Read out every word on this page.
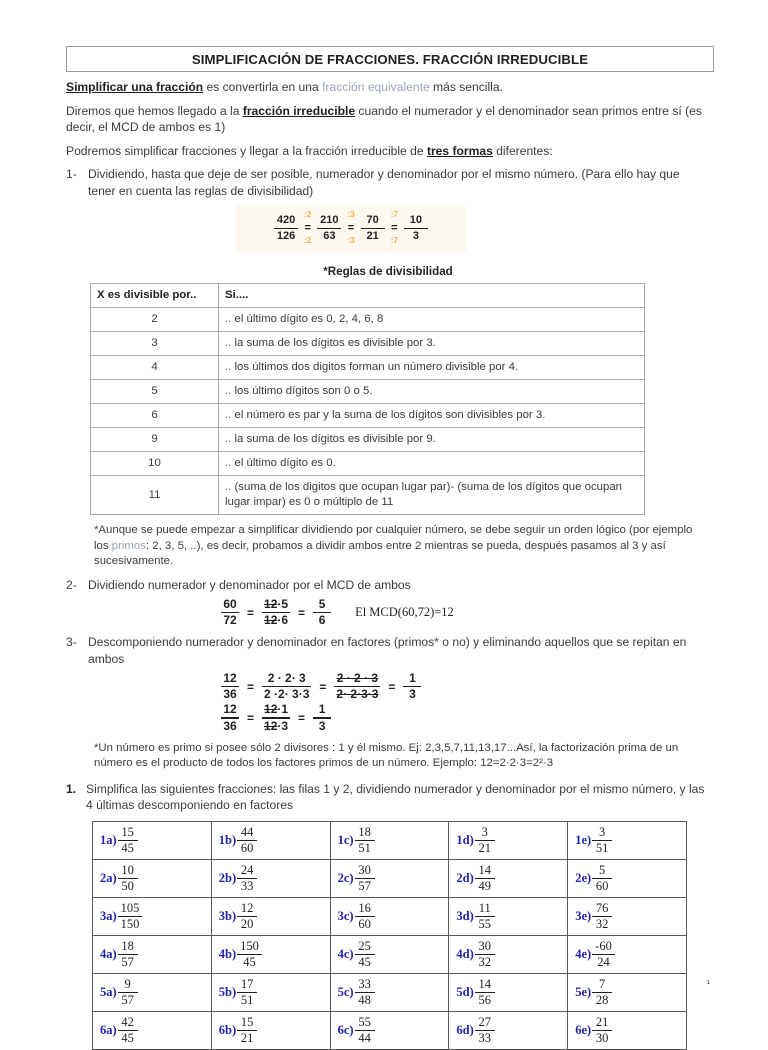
SIMPLIFICACIÓN DE FRACCIONES. FRACCIÓN IRREDUCIBLE
Simplificar una fracción es convertirla en una fracción equivalente más sencilla.
Diremos que hemos llegado a la fracción irreducible cuando el numerador y el denominador sean primos entre sí (es decir, el MCD de ambos es 1)
Podremos simplificar fracciones y llegar a la fracción irreducible de tres formas diferentes:
1- Dividiendo, hasta que deje de ser posible, numerador y denominador por el mismo número. (Para ello hay que tener en cuenta las reglas de divisibilidad)
$\frac{420}{126}$ :2
=
:2 $\frac{210}{63}$ :3
=
:3 $\frac{70}{21}$ :7
=
:7 $\frac{10}{3}$
*Reglas de divisibilidad
X es divisible por..	Si....
2	.. el último dígito es 0, 2, 4, 6, 8
3	.. la suma de los dígitos es divisible por 3.
4	.. los últimos dos digitos forman un número divisible por 4.
5	.. los último dígitos son 0 o 5.
6	.. el número es par y la suma de los dígitos son divisibles por 3.
9	.. la suma de los dígitos es divisible por 9.
10	.. el último dígito es 0.
11	.. (suma de los digitos que ocupan lugar par)- (suma de los dígitos que ocupan lugar impar) es 0 o múltiplo de 11
*Aunque se puede empezar a simplificar dividiendo por cualquier número, se debe seguir un orden lógico (por ejemplo los primos: 2, 3, 5, ..), es decir, probamos a dividir ambos entre 2 mientras se pueda, después pasamos al 3 y así sucesivamente.
2- Dividiendo numerador y denominador por el MCD de ambos
$\frac{60}{72} = \frac{12\cdot 5}{12\cdot 6} = \frac{5}{6}$ El MCD(60,72)=12
3- Descomponiendo numerador y denominador en factores (primos* o no) y eliminando aquellos que se repitan en ambos
$\frac{12}{36} = \frac{2 \cdot 2\cdot 3}{2 \cdot 2\cdot 3\cdot 3} = \frac{2 \cdot 2 \cdot 3}{2\cdot 2\cdot 3\cdot 3} = \frac{1}{3}$
$\frac{12}{36} = \frac{12\cdot 1}{12\cdot 3} = \frac{1}{3}$
*Un número es primo si posee sólo 2 divisores : 1 y él mismo. Ej: 2,3,5,7,11,13,17...Así, la factorización prima de un número es el producto de todos los factores primos de un número. Ejemplo: 12=2·2·3=2²·3
1. Simplifica las siguientes fracciones: las filas 1 y 2, dividiendo numerador y denominador por el mismo número, y las 4 últimas descomponiendo en factores
$1a) \frac{15}{45}$	$1b) \frac{44}{60}$	$1c) \frac{18}{51}$	$1d) \frac{3}{21}$	$1e) \frac{3}{51}$

$2a) \frac{10}{50}$	$2b) \frac{24}{33}$	$2c) \frac{30}{57}$	$2d) \frac{14}{49}$	$2e) \frac{5}{60}$

$3a) \frac{105}{150}$	$3b) \frac{12}{20}$	$3c) \frac{16}{60}$	$3d) \frac{11}{55}$	$3e) \frac{76}{32}$

$4a) \frac{18}{57}$	$4b) \frac{150}{45}$	$4c) \frac{25}{45}$	$4d) \frac{30}{32}$	$4e) \frac{-60}{24}$

$5a) \frac{9}{57}$	$5b) \frac{17}{51}$	$5c) \frac{33}{48}$	$5d) \frac{14}{56}$	$5e) \frac{7}{28}$

$6a) \frac{42}{45}$	$6b) \frac{15}{21}$	$6c) \frac{55}{44}$	$6d) \frac{27}{33}$	$6e) \frac{21}{30}$
1
